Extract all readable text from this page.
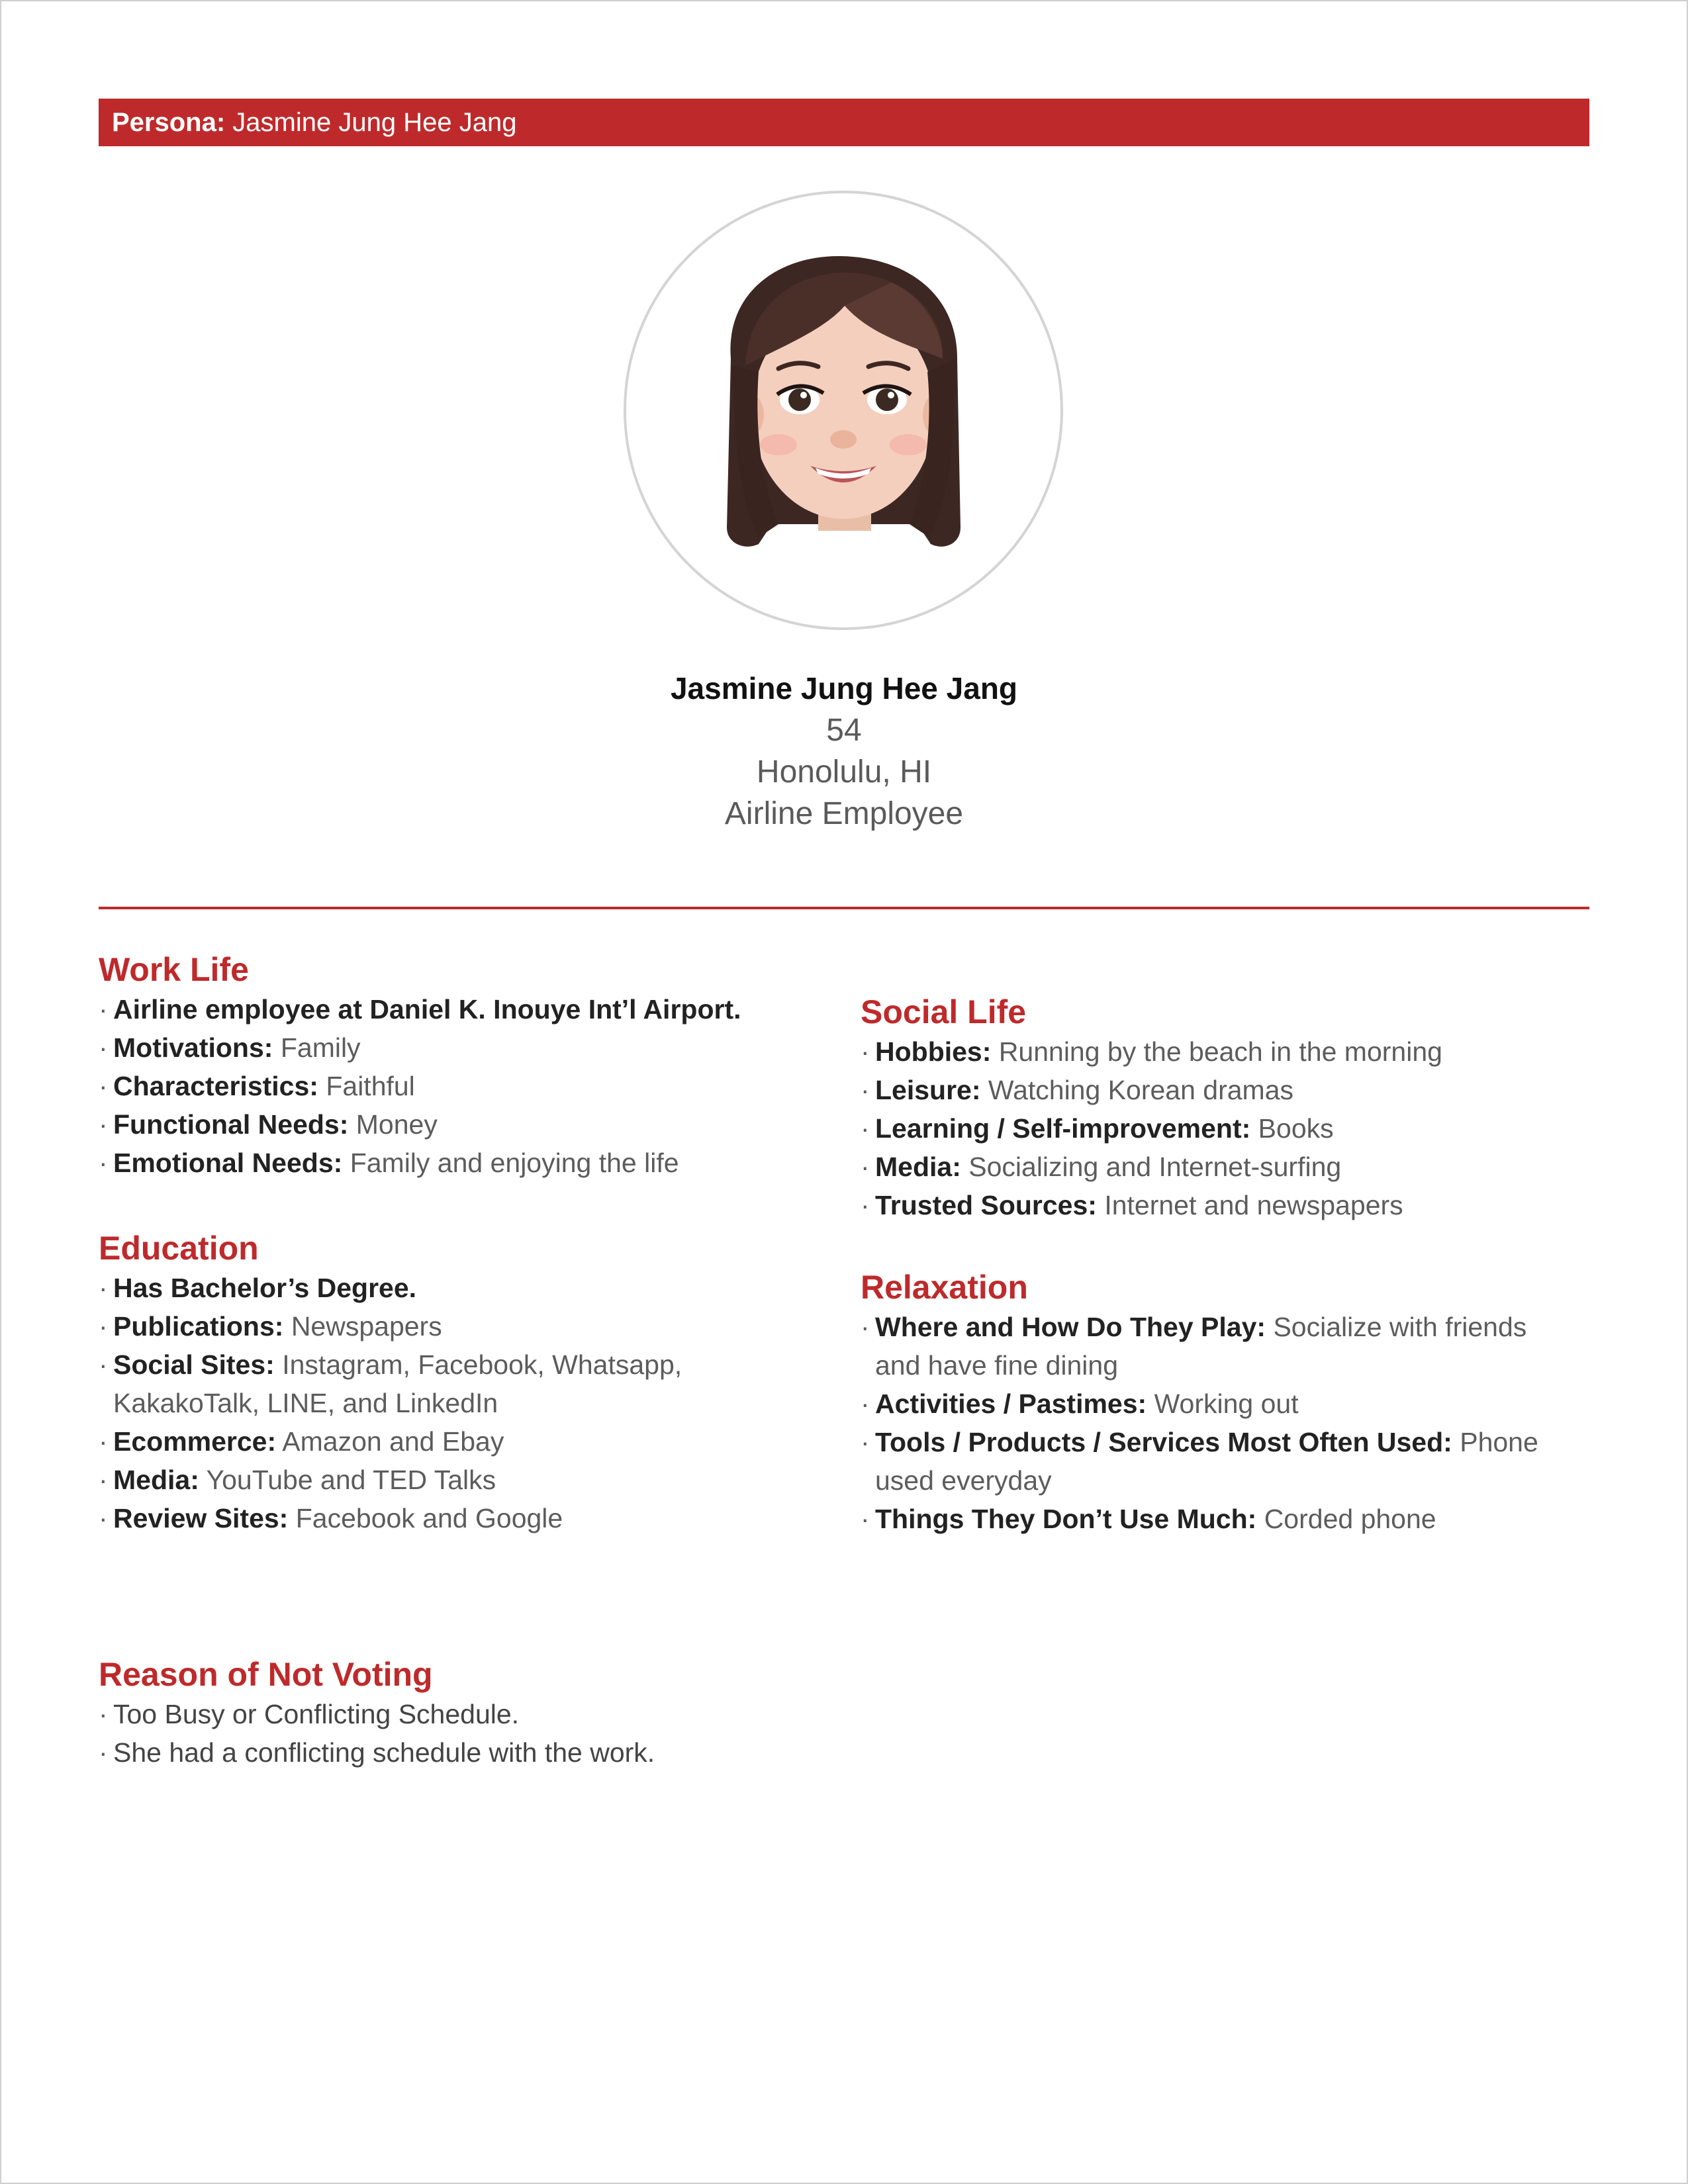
Persona: Jasmine Jung Hee Jang
Jasmine Jung Hee Jang
54
Honolulu, HI
Airline Employee
Work Life
· Airline employee at Daniel K. Inouye Int’l Airport.
· Motivations: Family
· Characteristics: Faithful
· Functional Needs: Money
· Emotional Needs: Family and enjoying the life
Education
· Has Bachelor’s Degree.
· Publications: Newspapers
· Social Sites: Instagram, Facebook, Whatsapp,
KakakoTalk, LINE, and LinkedIn
· Ecommerce: Amazon and Ebay
· Media: YouTube and TED Talks
· Review Sites: Facebook and Google
Social Life
· Hobbies: Running by the beach in the morning
· Leisure: Watching Korean dramas
· Learning / Self-improvement: Books
· Media: Socializing and Internet-surfing
· Trusted Sources: Internet and newspapers
Relaxation
· Where and How Do They Play: Socialize with friends
and have fine dining
· Activities / Pastimes: Working out
· Tools / Products / Services Most Often Used: Phone
used everyday
· Things They Don’t Use Much: Corded phone
Reason of Not Voting
· Too Busy or Conflicting Schedule.
· She had a conflicting schedule with the work.
